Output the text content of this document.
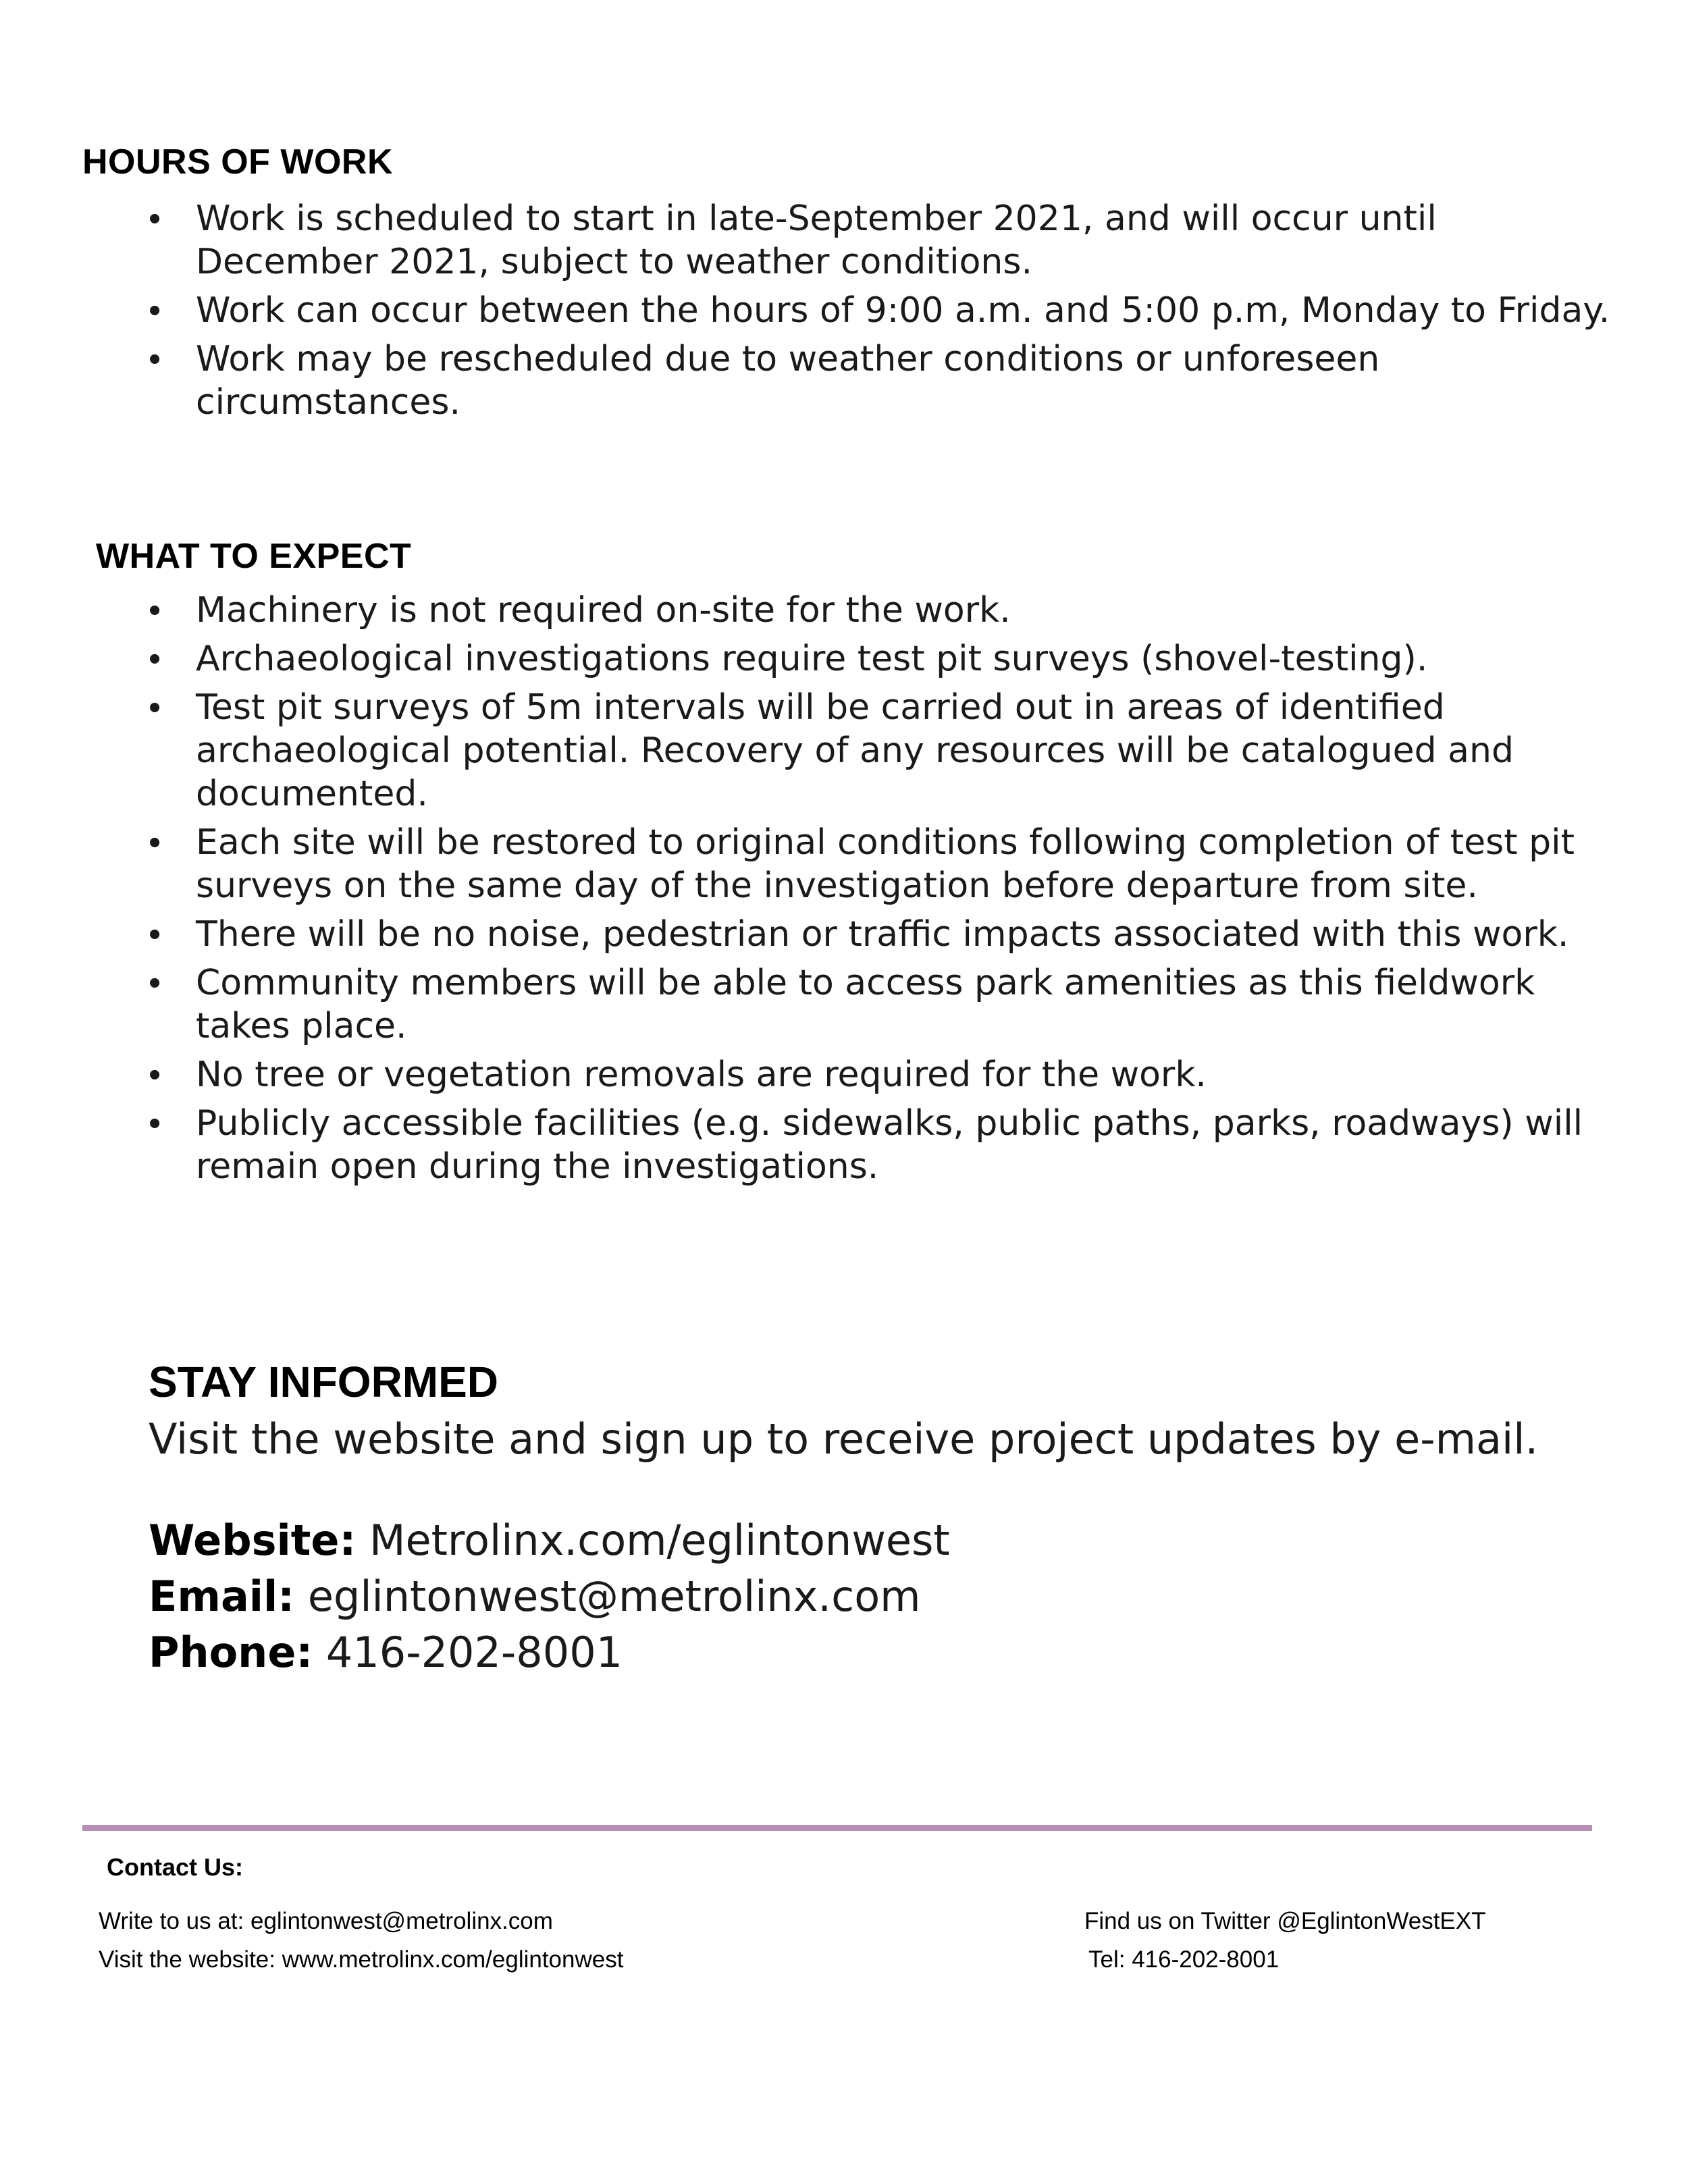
HOURS OF WORK
• Work is scheduled to start in late-September 2021, and will occur until December 2021, subject to weather conditions.
• Work can occur between the hours of 9:00 a.m. and 5:00 p.m, Monday to Friday.
• Work may be rescheduled due to weather conditions or unforeseen circumstances.
WHAT TO EXPECT
• Machinery is not required on-site for the work.
• Archaeological investigations require test pit surveys (shovel-testing).
• Test pit surveys of 5m intervals will be carried out in areas of identified archaeological potential. Recovery of any resources will be catalogued and documented.
• Each site will be restored to original conditions following completion of test pit surveys on the same day of the investigation before departure from site.
• There will be no noise, pedestrian or traffic impacts associated with this work.
• Community members will be able to access park amenities as this fieldwork takes place.
• No tree or vegetation removals are required for the work.
• Publicly accessible facilities (e.g. sidewalks, public paths, parks, roadways) will remain open during the investigations.
STAY INFORMED

Visit the website and sign up to receive project updates by e-mail.

Website: Metrolinx.com/eglintonwest

Email: eglintonwest@metrolinx.com

Phone: 416-202-8001

Contact Us:

Write to us at: eglintonwest@metrolinx.com

Visit the website: www.metrolinx.com/eglintonwest

Find us on Twitter @EglintonWestEXT

Tel: 416-202-8001
